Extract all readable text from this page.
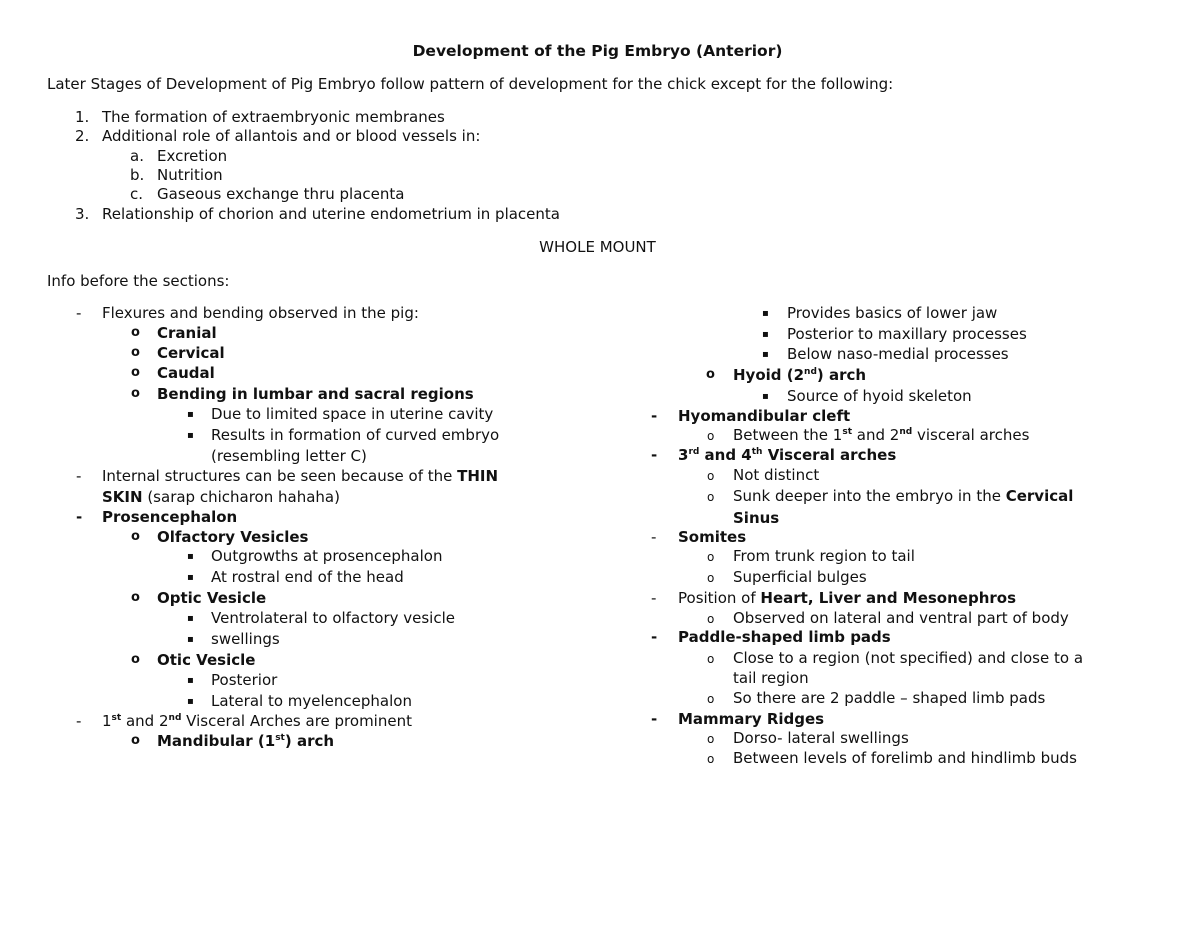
Development of the Pig Embryo (Anterior)
Later Stages of Development of Pig Embryo follow pattern of development for the chick except for the following:
1. The formation of extraembryonic membranes
2. Additional role of allantois and or blood vessels in:
a. Excretion
b. Nutrition
c. Gaseous exchange thru placenta
3. Relationship of chorion and uterine endometrium in placenta
WHOLE MOUNT
Info before the sections:
- Flexures and bending observed in the pig:
o Cranial
o Cervical
o Caudal
o Bending in lumbar and sacral regions
▪ Due to limited space in uterine cavity
▪ Results in formation of curved embryo
(resembling letter C)
- Internal structures can be seen because of the THIN
SKIN (sarap chicharon hahaha)
- Prosencephalon
o Olfactory Vesicles
▪ Outgrowths at prosencephalon
▪ At rostral end of the head
o Optic Vesicle
▪ Ventrolateral to olfactory vesicle
▪ swellings
o Otic Vesicle
▪ Posterior
▪ Lateral to myelencephalon
- 1st and 2nd Visceral Arches are prominent
o Mandibular (1st) arch
▪ Provides basics of lower jaw
▪ Posterior to maxillary processes
▪ Below naso-medial processes
o Hyoid (2nd) arch
▪ Source of hyoid skeleton
- Hyomandibular cleft
o Between the 1st and 2nd visceral arches
- 3rd and 4th Visceral arches
o Not distinct
o Sunk deeper into the embryo in the Cervical
Sinus
- Somites
o From trunk region to tail
o Superficial bulges
- Position of Heart, Liver and Mesonephros
o Observed on lateral and ventral part of body
- Paddle-shaped limb pads
o Close to a region (not specified) and close to a
tail region
o So there are 2 paddle – shaped limb pads
- Mammary Ridges
o Dorso- lateral swellings
o Between levels of forelimb and hindlimb buds
